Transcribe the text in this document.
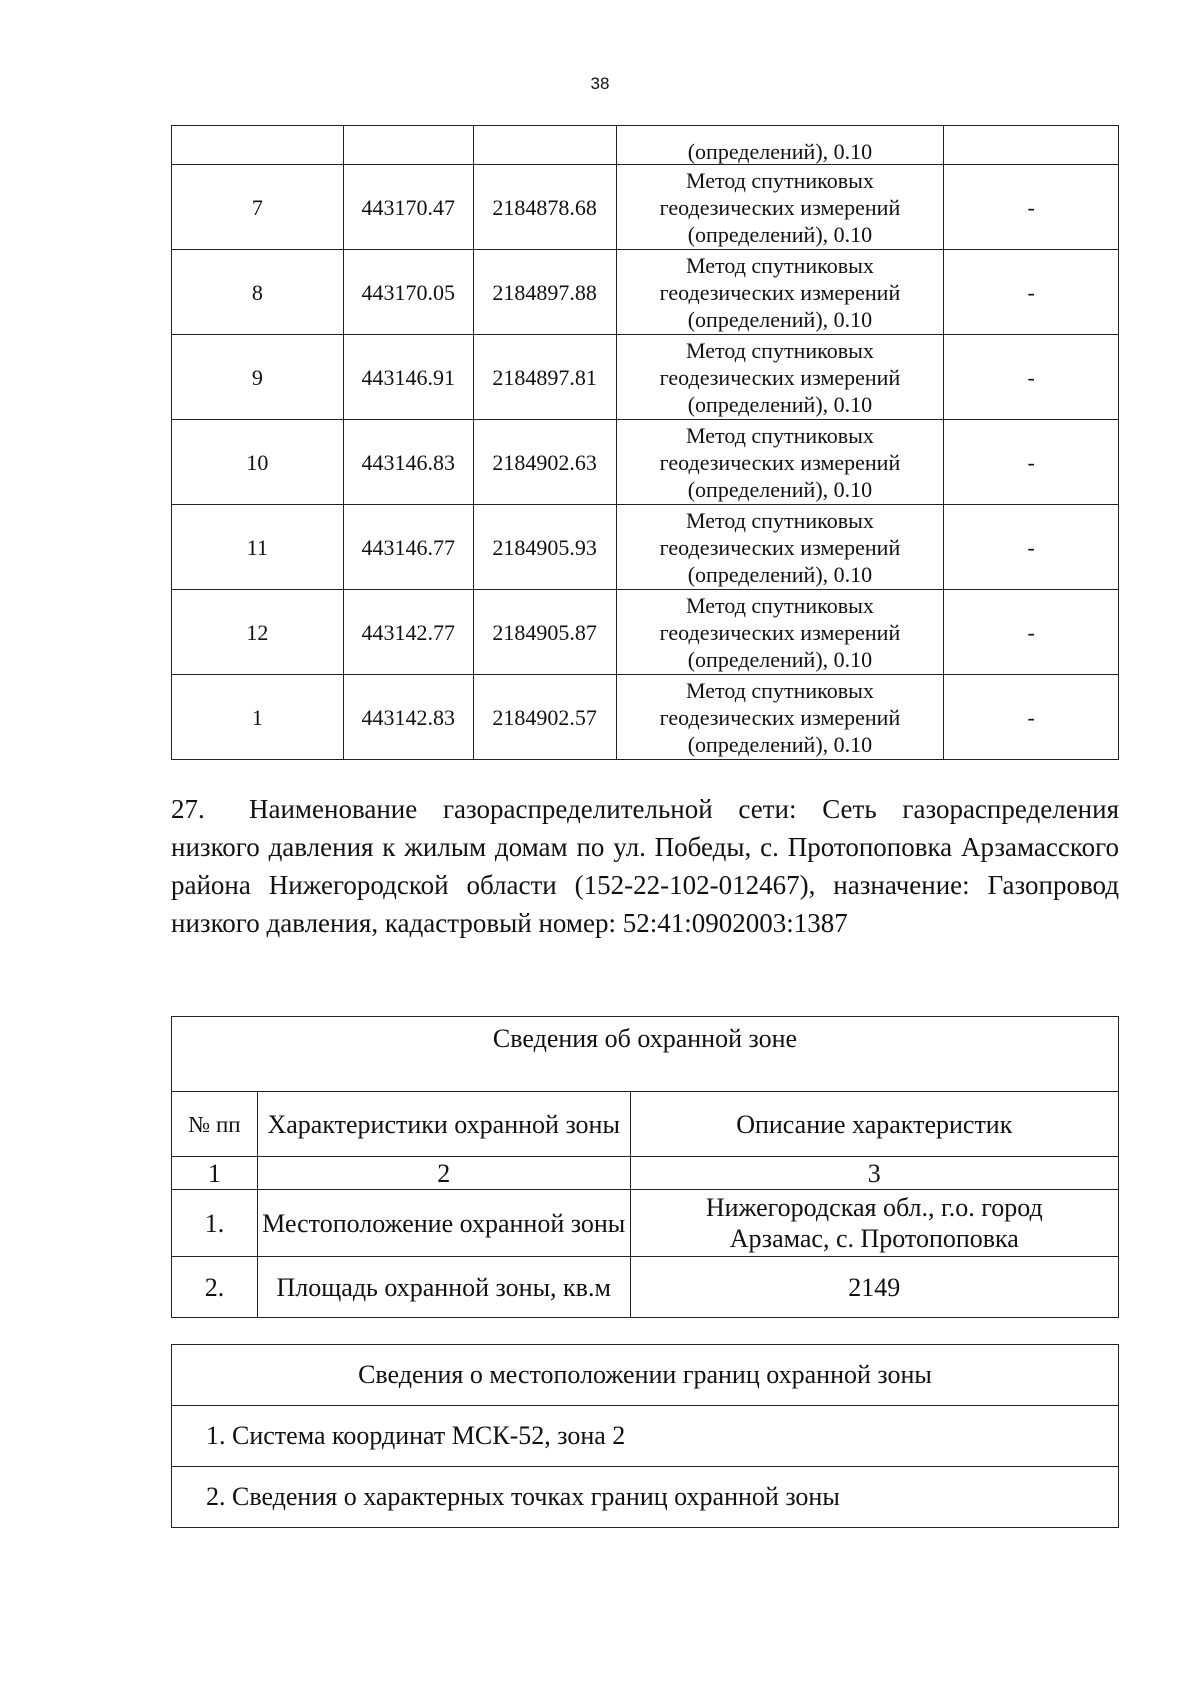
38
			(определений), 0.10	
7	443170.47	2184878.68	Метод спутниковых
геодезических измерений
(определений), 0.10	-
8	443170.05	2184897.88	Метод спутниковых
геодезических измерений
(определений), 0.10	-
9	443146.91	2184897.81	Метод спутниковых
геодезических измерений
(определений), 0.10	-
10	443146.83	2184902.63	Метод спутниковых
геодезических измерений
(определений), 0.10	-
11	443146.77	2184905.93	Метод спутниковых
геодезических измерений
(определений), 0.10	-
12	443142.77	2184905.87	Метод спутниковых
геодезических измерений
(определений), 0.10	-
1	443142.83	2184902.57	Метод спутниковых
геодезических измерений
(определений), 0.10	-

27. Наименование газораспределительной сети: Сеть газораспределения низкого давления к жилым домам по ул. Победы, с. Протопоповка Арзамасского района Нижегородской области (152-22-102-012467), назначение: Газопровод низкого давления, кадастровый номер: 52:41:0902003:1387

Сведения об охранной зоне		
№ пп	Характеристики охранной зоны	Описание характеристик
1	2	3
1.	Местоположение охранной зоны	Нижегородская обл., г.о. город
Арзамас, с. Протопоповка

2.	Площадь охранной зоны, кв.м	2149
Сведения о местоположении границ охранной зоны
1. Система координат МСК-52, зона 2
2. Сведения о характерных точках границ охранной зоны
